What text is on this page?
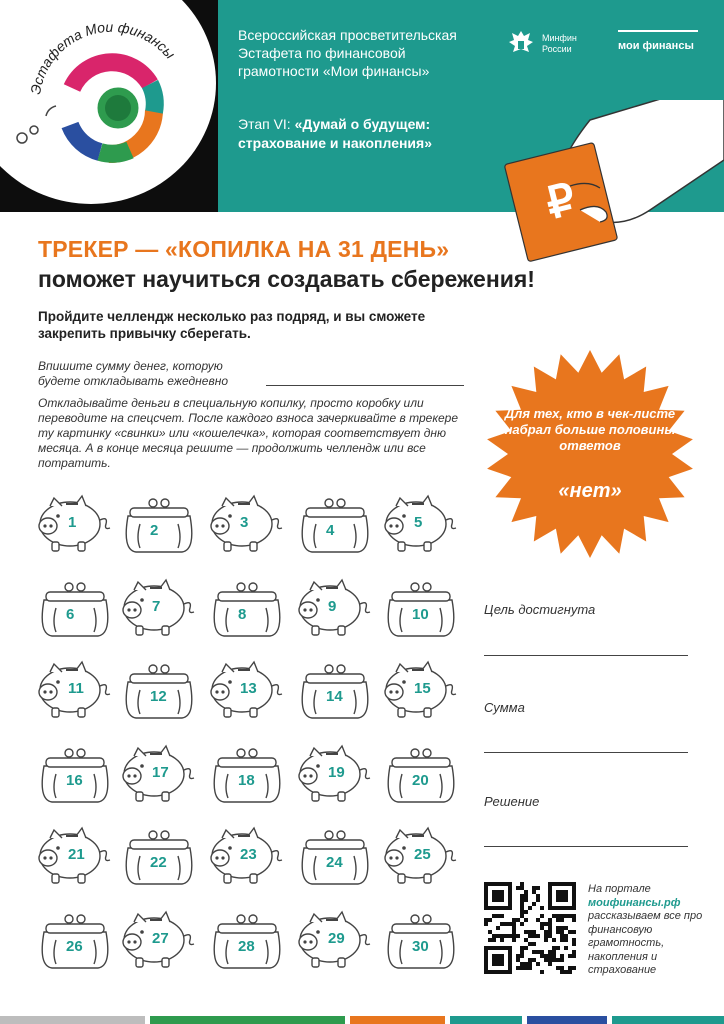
Эстафета Мои финансы
Всероссийская просветительская Эстафета по финансовой грамотности «Мои финансы»
Этап VI: «Думай о будущем: страхование и накопления»
Минфин России	мои финансы
₽
ТРЕКЕР — «КОПИЛКА НА 31 ДЕНЬ»
поможет научиться создавать сбережения!
Пройдите челлендж несколько раз подряд, и вы сможете закрепить привычку сберегать.
Впишите сумму денег, которую будете откладывать ежедневно
Откладывайте деньги в специальную копилку, просто коробку или переводите на спецсчет. После каждого взноса зачеркивайте в трекере ту картинку «свинки» или «кошелечка», которая соответствует дню месяца. А в конце месяца решите — продолжить челлендж или все потратить.
Для тех, кто в чек-листе набрал больше половины ответов
«нет»
1	2	3	4	5
6	7	8	9	10
11	12	13	14	15
16	17	18	19	20
21	22	23	24	25
26	27	28	29	30
Цель достигнута
Сумма
Решение
На портале моифинансы.рф рассказываем все про финансовую грамотность, накопления и страхование
